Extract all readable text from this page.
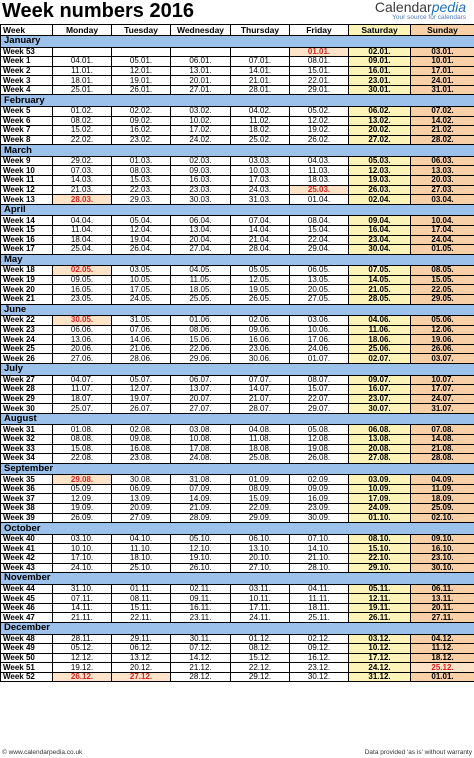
Week numbers 2016	Calendarpedia
Your source for calendars
Week	Monday	Tuesday	Wednesday	Thursday	Friday	Saturday	Sunday
January							
Week 53					01.01.	02.01.	03.01.
Week 1	04.01.	05.01.	06.01.	07.01.	08.01.	09.01.	10.01.
Week 2	11.01.	12.01.	13.01.	14.01.	15.01.	16.01.	17.01.
Week 3	18.01.	19.01.	20.01.	21.01.	22.01.	23.01.	24.01.
Week 4	25.01.	26.01.	27.01.	28.01.	29.01.	30.01.	31.01.
February							
Week 5	01.02.	02.02.	03.02.	04.02.	05.02.	06.02.	07.02.
Week 6	08.02.	09.02.	10.02.	11.02.	12.02.	13.02.	14.02.
Week 7	15.02.	16.02.	17.02.	18.02.	19.02.	20.02.	21.02.
Week 8	22.02.	23.02.	24.02.	25.02.	26.02.	27.02.	28.02.
March							
Week 9	29.02.	01.03.	02.03.	03.03.	04.03.	05.03.	06.03.
Week 10	07.03.	08.03.	09.03.	10.03.	11.03.	12.03.	13.03.
Week 11	14.03.	15.03.	16.03.	17.03.	18.03.	19.03.	20.03.
Week 12	21.03.	22.03.	23.03.	24.03.	25.03.	26.03.	27.03.
Week 13	28.03.	29.03.	30.03.	31.03.	01.04.	02.04.	03.04.
April							
Week 14	04.04.	05.04.	06.04.	07.04.	08.04.	09.04.	10.04.
Week 15	11.04.	12.04.	13.04.	14.04.	15.04.	16.04.	17.04.
Week 16	18.04.	19.04.	20.04.	21.04.	22.04.	23.04.	24.04.
Week 17	25.04.	26.04.	27.04.	28.04.	29.04.	30.04.	01.05.
May							
Week 18	02.05.	03.05.	04.05.	05.05.	06.05.	07.05.	08.05.
Week 19	09.05.	10.05.	11.05.	12.05.	13.05.	14.05.	15.05.
Week 20	16.05.	17.05.	18.05.	19.05.	20.05.	21.05.	22.05.
Week 21	23.05.	24.05.	25.05.	26.05.	27.05.	28.05.	29.05.
June							
Week 22	30.05.	31.05.	01.06.	02.06.	03.06.	04.06.	05.06.
Week 23	06.06.	07.06.	08.06.	09.06.	10.06.	11.06.	12.06.
Week 24	13.06.	14.06.	15.06.	16.06.	17.06.	18.06.	19.06.
Week 25	20.06.	21.06.	22.06.	23.06.	24.06.	25.06.	26.06.
Week 26	27.06.	28.06.	29.06.	30.06.	01.07.	02.07.	03.07.
July							
Week 27	04.07.	05.07.	06.07.	07.07.	08.07.	09.07.	10.07.
Week 28	11.07.	12.07.	13.07.	14.07.	15.07.	16.07.	17.07.
Week 29	18.07.	19.07.	20.07.	21.07.	22.07.	23.07.	24.07.
Week 30	25.07.	26.07.	27.07.	28.07.	29.07.	30.07.	31.07.
August							
Week 31	01.08.	02.08.	03.08.	04.08.	05.08.	06.08.	07.08.
Week 32	08.08.	09.08.	10.08.	11.08.	12.08.	13.08.	14.08.
Week 33	15.08.	16.08.	17.08.	18.08.	19.08.	20.08.	21.08.
Week 34	22.08.	23.08.	24.08.	25.08.	26.08.	27.08.	28.08.
September							
Week 35	29.08.	30.08.	31.08.	01.09.	02.09.	03.09.	04.09.
Week 36	05.09.	06.09.	07.09.	08.09.	09.09.	10.09.	11.09.
Week 37	12.09.	13.09.	14.09.	15.09.	16.09.	17.09.	18.09.
Week 38	19.09.	20.09.	21.09.	22.09.	23.09.	24.09.	25.09.
Week 39	26.09.	27.09.	28.09.	29.09.	30.09.	01.10.	02.10.
October							
Week 40	03.10.	04.10.	05.10.	06.10.	07.10.	08.10.	09.10.
Week 41	10.10.	11.10.	12.10.	13.10.	14.10.	15.10.	16.10.
Week 42	17.10.	18.10.	19.10.	20.10.	21.10.	22.10.	23.10.
Week 43	24.10.	25.10.	26.10.	27.10.	28.10.	29.10.	30.10.
November							
Week 44	31.10.	01.11.	02.11.	03.11.	04.11.	05.11.	06.11.
Week 45	07.11.	08.11.	09.11.	10.11.	11.11.	12.11.	13.11.
Week 46	14.11.	15.11.	16.11.	17.11.	18.11.	19.11.	20.11.
Week 47	21.11.	22.11.	23.11.	24.11.	25.11.	26.11.	27.11.
December							
Week 48	28.11.	29.11.	30.11.	01.12.	02.12.	03.12.	04.12.
Week 49	05.12.	06.12.	07.12.	08.12.	09.12.	10.12.	11.12.
Week 50	12.12.	13.12.	14.12.	15.12.	16.12.	17.12.	18.12.
Week 51	19.12.	20.12.	21.12.	22.12.	23.12.	24.12.	25.12.
Week 52	26.12.	27.12.	28.12.	29.12.	30.12.	31.12.	01.01.
© www.calendarpedia.co.uk	Data provided 'as is' without warranty
